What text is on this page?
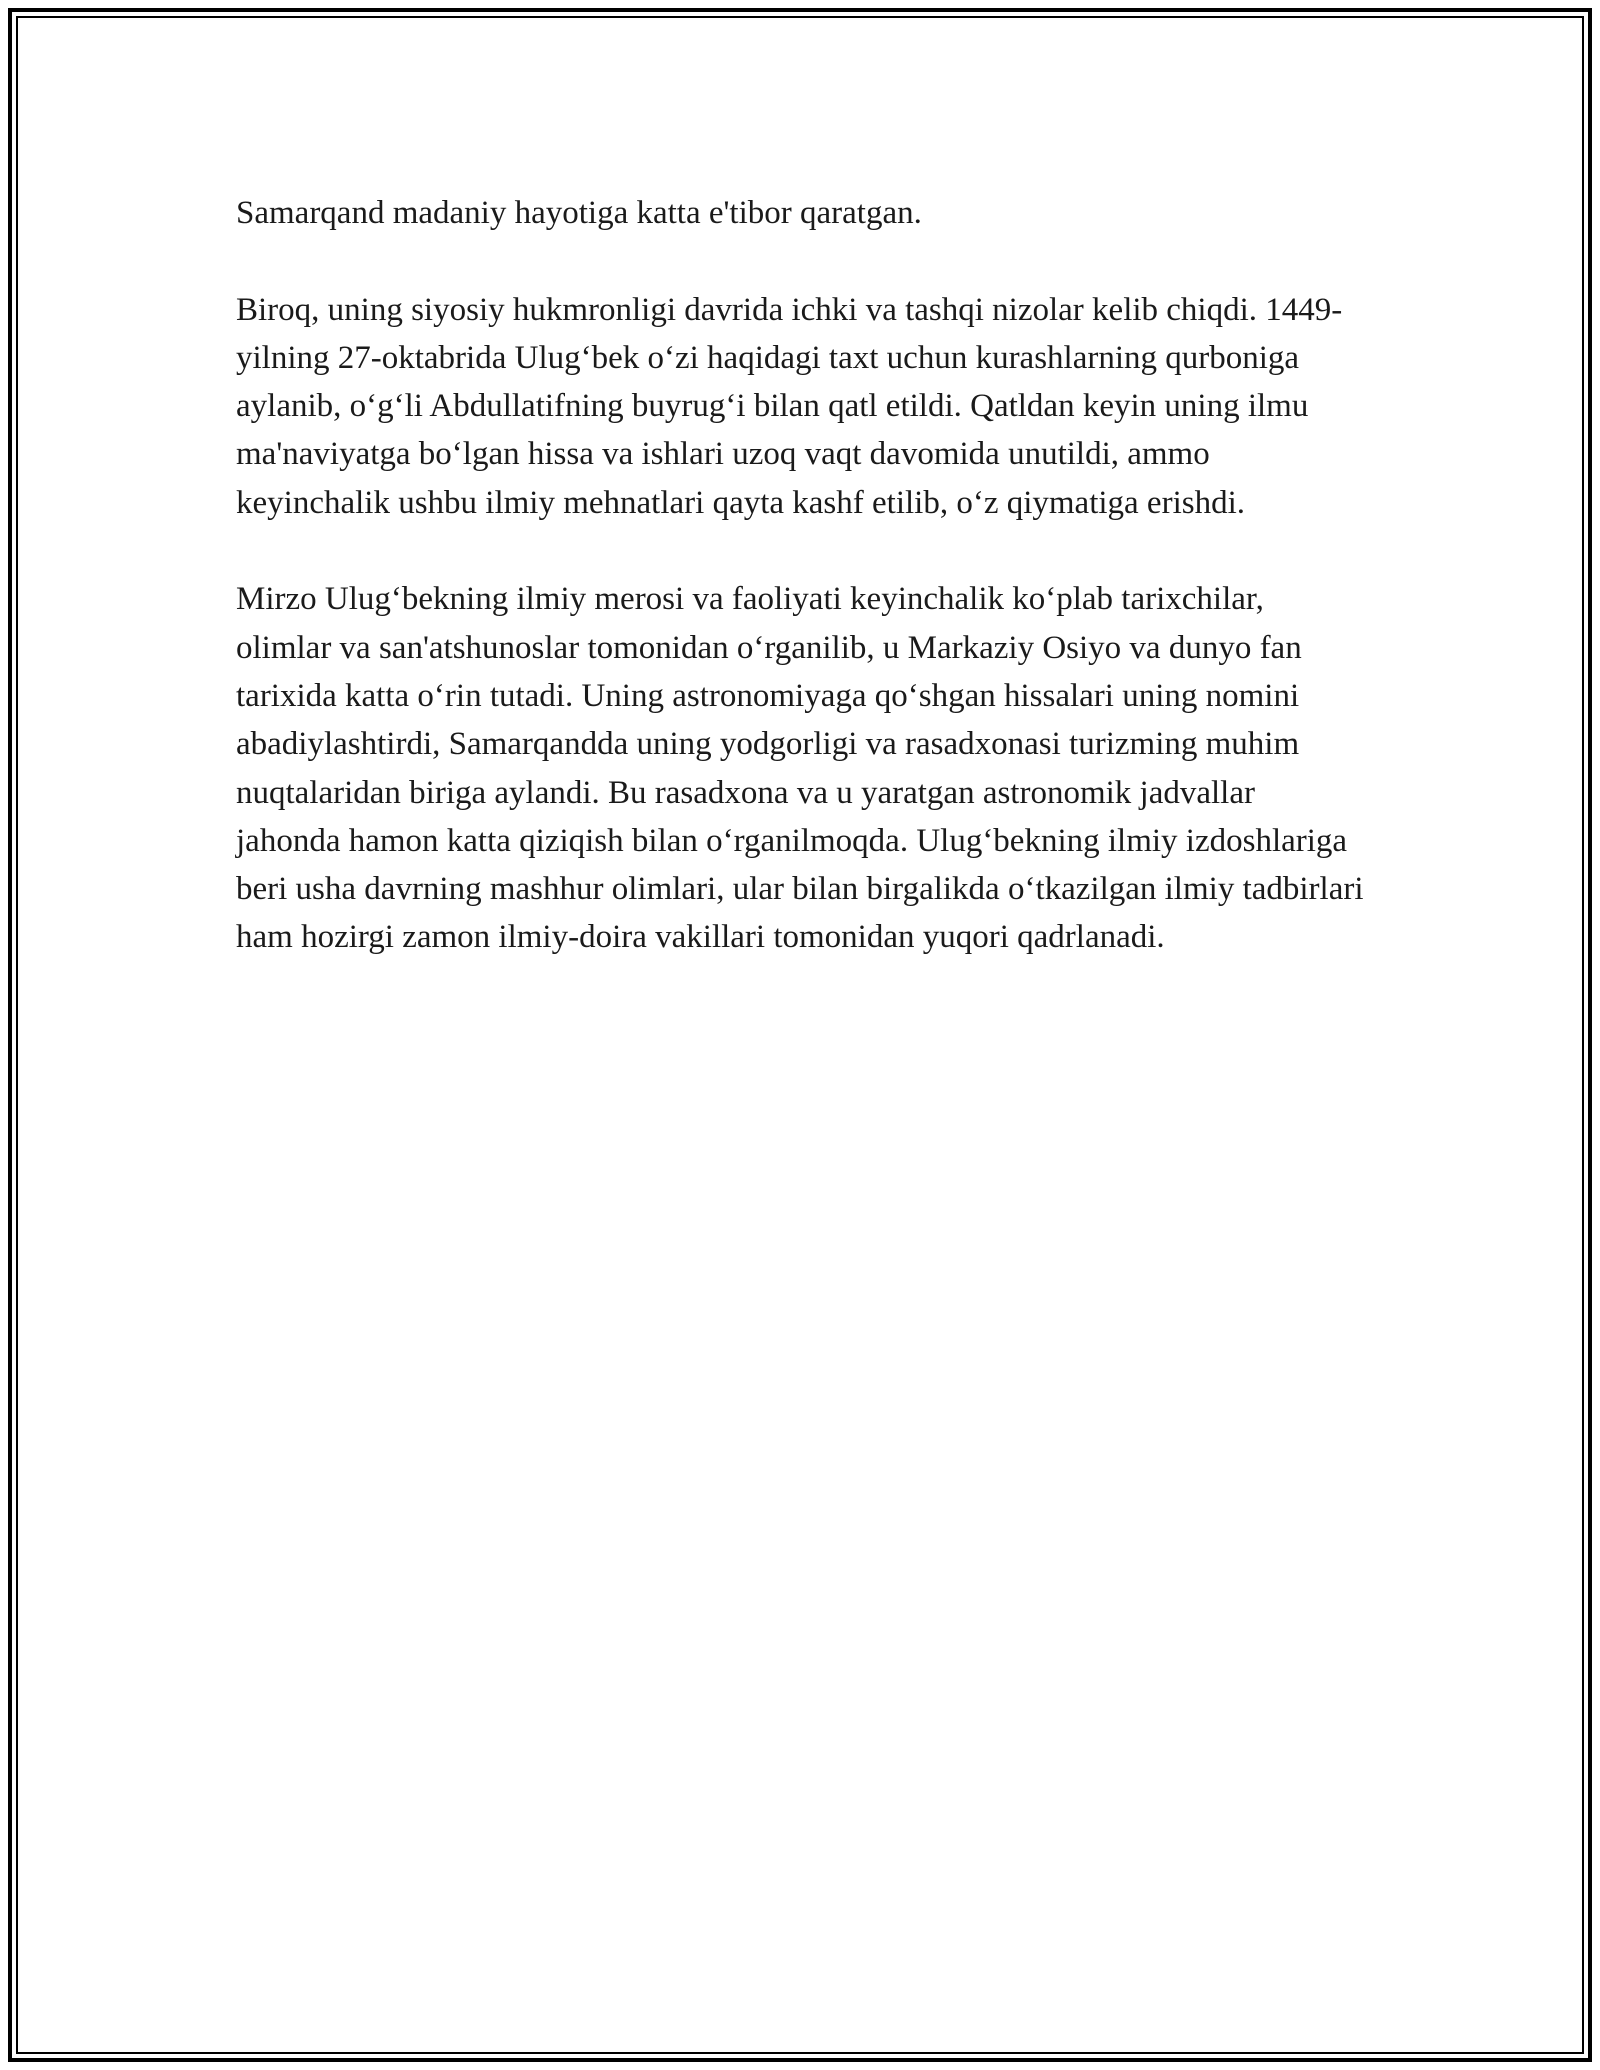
Samarqand madaniy hayotiga katta e'tibor qaratgan.

Biroq, uning siyosiy hukmronligi davrida ichki va tashqi nizolar kelib chiqdi. 1449-yilning 27-oktabrida Ulug‘bek o‘zi haqidagi taxt uchun kurashlarning qurboniga aylanib, o‘g‘li Abdullatifning buyrug‘i bilan qatl etildi. Qatldan keyin uning ilmu ma'naviyatga bo‘lgan hissa va ishlari uzoq vaqt davomida unutildi, ammo keyinchalik ushbu ilmiy mehnatlari qayta kashf etilib, o‘z qiymatiga erishdi.

Mirzo Ulug‘bekning ilmiy merosi va faoliyati keyinchalik ko‘plab tarixchilar, olimlar va san'atshunoslar tomonidan o‘rganilib, u Markaziy Osiyo va dunyo fan tarixida katta o‘rin tutadi. Uning astronomiyaga qo‘shgan hissalari uning nomini abadiylashtirdi, Samarqandda uning yodgorligi va rasadxonasi turizming muhim nuqtalaridan biriga aylandi. Bu rasadxona va u yaratgan astronomik jadvallar jahonda hamon katta qiziqish bilan o‘rganilmoqda. Ulug‘bekning ilmiy izdoshlariga beri usha davrning mashhur olimlari, ular bilan birgalikda o‘tkazilgan ilmiy tadbirlari ham hozirgi zamon ilmiy-doira vakillari tomonidan yuqori qadrlanadi.
